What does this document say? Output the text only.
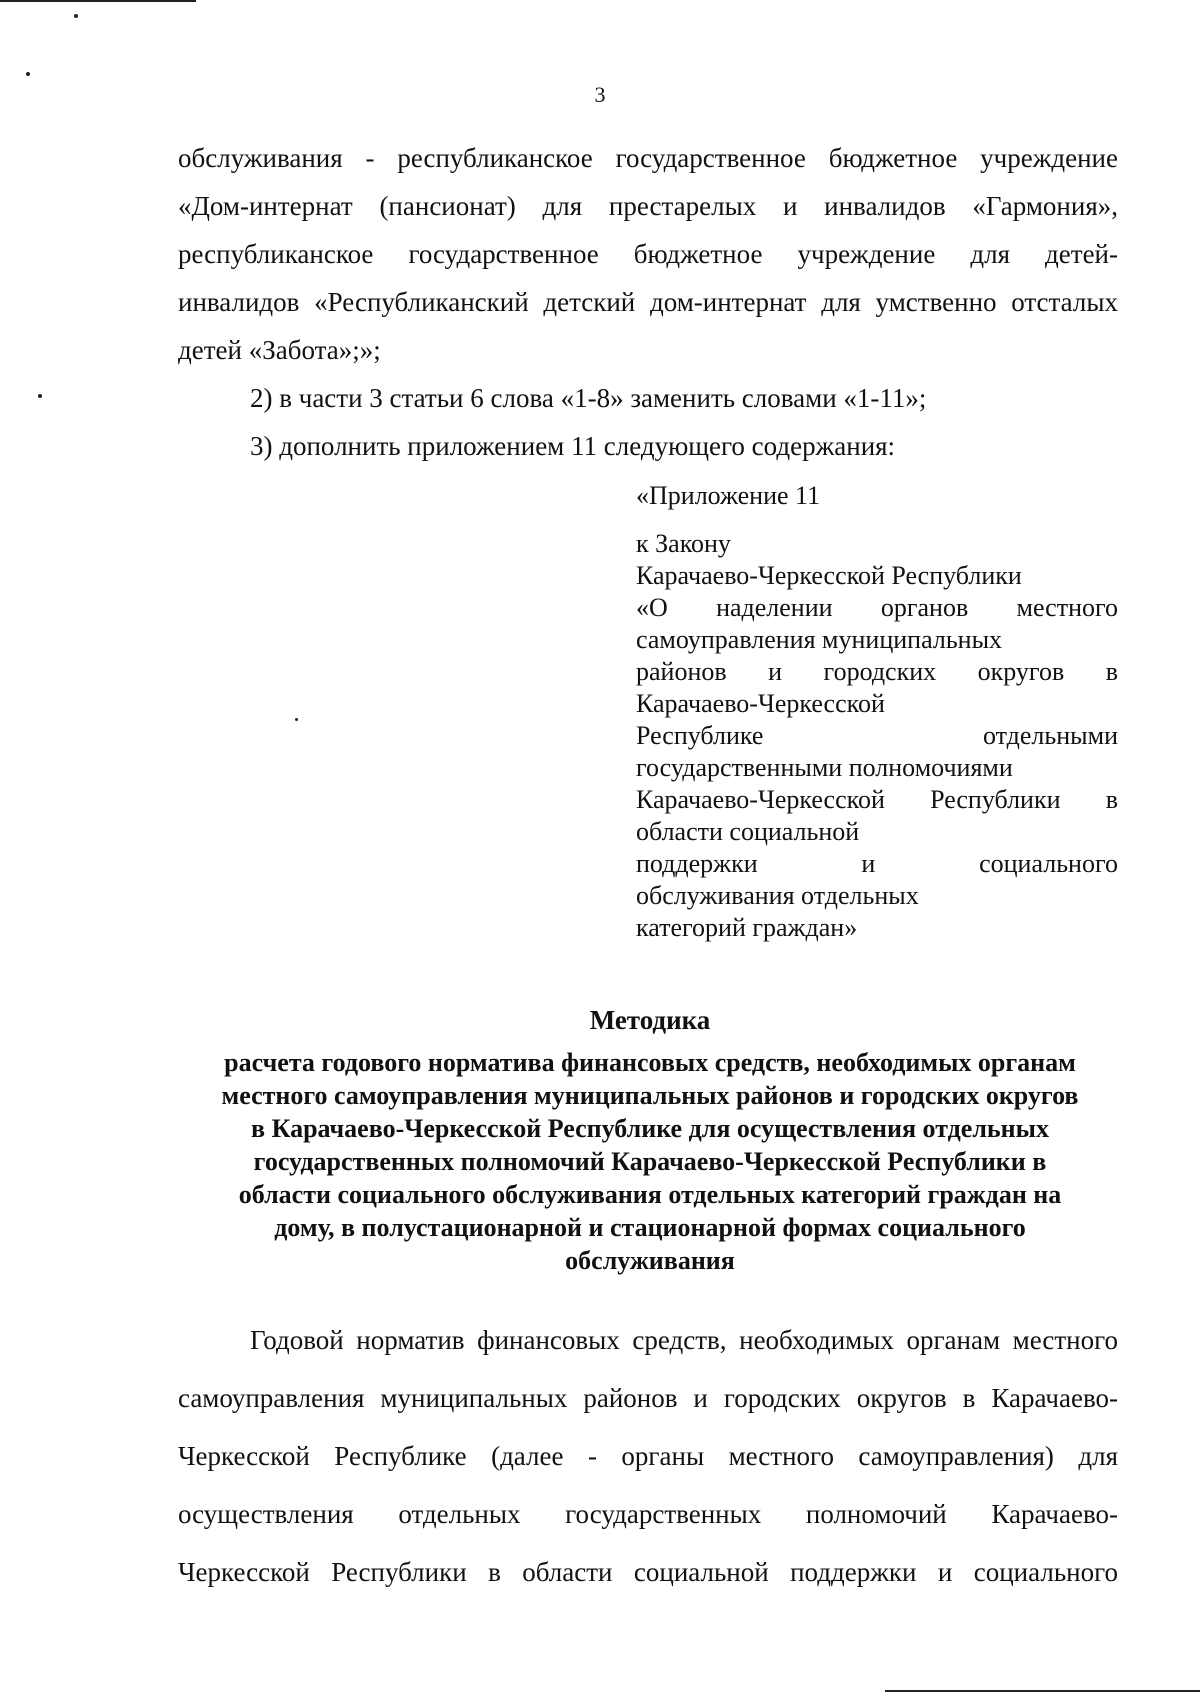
3
обслуживания - республиканское государственное бюджетное учреждение
«Дом-интернат (пансионат) для престарелых и инвалидов «Гармония»,
республиканское государственное бюджетное учреждение для детей-
инвалидов «Республиканский детский дом-интернат для умственно отсталых
детей «Забота»;»;
2) в части 3 статьи 6 слова «1-8» заменить словами «1-11»;
3) дополнить приложением 11 следующего содержания:
«Приложение 11
к Закону
Карачаево-Черкесской Республики
«О наделении органов местного
самоуправления муниципальных
районов и городских округов в
Карачаево-Черкесской
Республике отдельными
государственными полномочиями
Карачаево-Черкесской Республики в
области социальной
поддержки и социального
обслуживания отдельных
категорий граждан»
Методика
расчета годового норматива финансовых средств, необходимых органам
местного самоуправления муниципальных районов и городских округов
в Карачаево-Черкесской Республике для осуществления отдельных
государственных полномочий Карачаево-Черкесской Республики в
области социального обслуживания отдельных категорий граждан на
дому, в полустационарной и стационарной формах социального
обслуживания
Годовой норматив финансовых средств, необходимых органам местного
самоуправления муниципальных районов и городских округов в Карачаево-
Черкесской Республике (далее - органы местного самоуправления) для
осуществления отдельных государственных полномочий Карачаево-
Черкесской Республики в области социальной поддержки и социального
